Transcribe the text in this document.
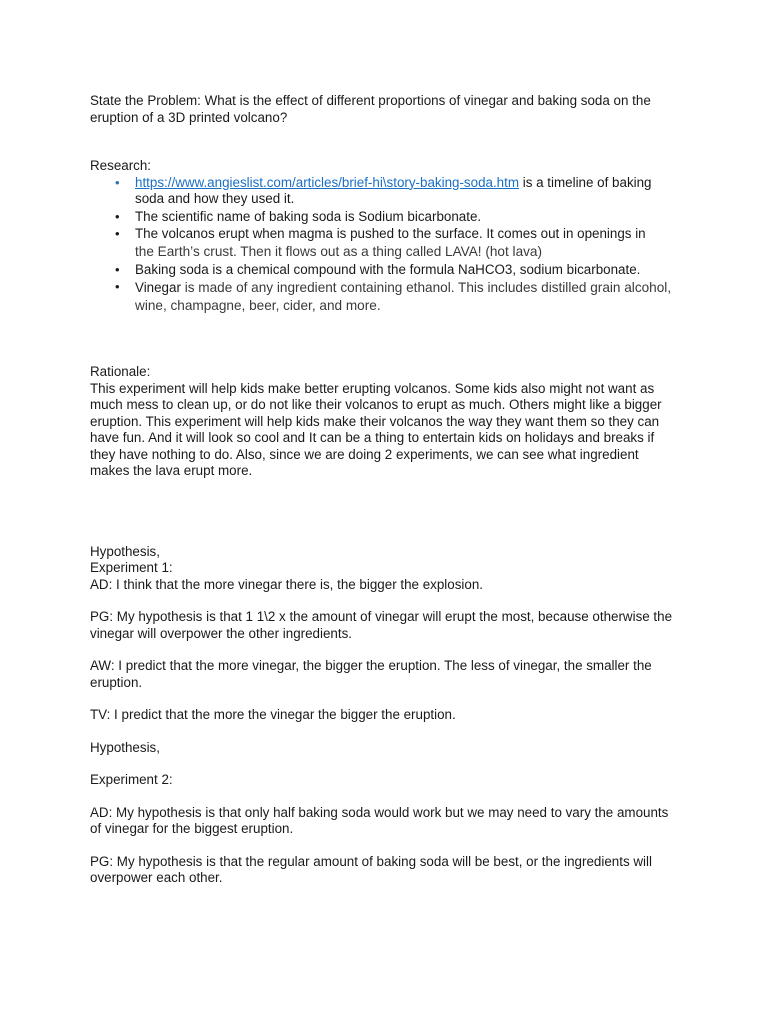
State the Problem: What is the effect of different proportions of vinegar and baking soda on the eruption of a 3D printed volcano?

Research:

• https://www.angieslist.com/articles/brief-hi\story-baking-soda.htm is a timeline of baking soda and how they used it.
• The scientific name of baking soda is Sodium bicarbonate.
• The volcanos erupt when magma is pushed to the surface. It comes out in openings in
the Earth’s crust. Then it flows out as a thing called LAVA! (hot lava)
• Baking soda is a chemical compound with the formula NaHCO3, sodium bicarbonate.
• Vinegar is made of any ingredient containing ethanol. This includes distilled grain alcohol, wine, champagne, beer, cider, and more.

Rationale:

This experiment will help kids make better erupting volcanos. Some kids also might not want as much mess to clean up, or do not like their volcanos to erupt as much. Others might like a bigger eruption. This experiment will help kids make their volcanos the way they want them so they can have fun. And it will look so cool and It can be a thing to entertain kids on holidays and breaks if they have nothing to do. Also, since we are doing 2 experiments, we can see what ingredient makes the lava erupt more.

Hypothesis,

Experiment 1:

AD: I think that the more vinegar there is, the bigger the explosion.

PG: My hypothesis is that 1 1\2 x the amount of vinegar will erupt the most, because otherwise the vinegar will overpower the other ingredients.

AW: I predict that the more vinegar, the bigger the eruption. The less of vinegar, the smaller the eruption.

TV: I predict that the more the vinegar the bigger the eruption.

Hypothesis,

Experiment 2:

AD: My hypothesis is that only half baking soda would work but we may need to vary the amounts of vinegar for the biggest eruption.

PG: My hypothesis is that the regular amount of baking soda will be best, or the ingredients will overpower each other.
